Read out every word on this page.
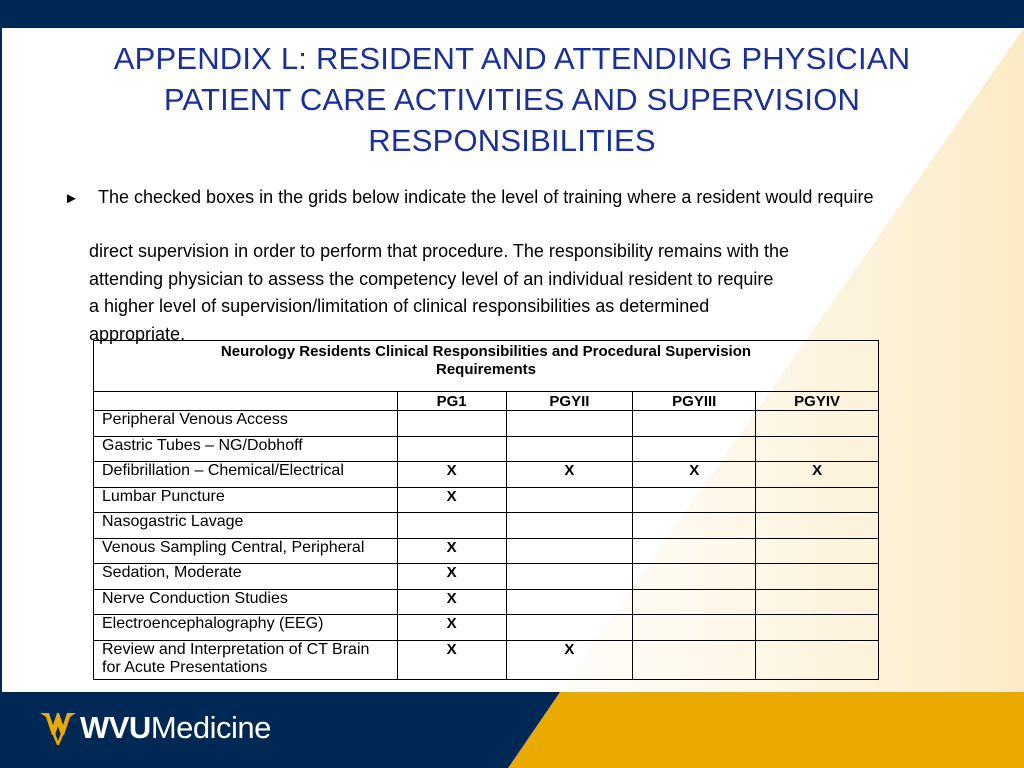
APPENDIX L: RESIDENT AND ATTENDING PHYSICIAN
PATIENT CARE ACTIVITIES AND SUPERVISION
RESPONSIBILITIES
► The checked boxes in the grids below indicate the level of training where a resident would require
direct supervision in order to perform that procedure. The responsibility remains with the
attending physician to assess the competency level of an individual resident to require
a higher level of supervision/limitation of clinical responsibilities as determined
appropriate.
Neurology Residents Clinical Responsibilities and Procedural Supervision
Requirements				

	PG1	PGYII	PGYIII	PGYIV
Peripheral Venous Access				
Gastric Tubes – NG/Dobhoff				
Defibrillation – Chemical/Electrical	X	X	X	X
Lumbar Puncture	X			
Nasogastric Lavage				
Venous Sampling Central, Peripheral	X			
Sedation, Moderate	X			
Nerve Conduction Studies	X			
Electroencephalography (EEG)	X			

Review and Interpretation of CT Brain
for Acute Presentations	X	X		
WVUMedicine
